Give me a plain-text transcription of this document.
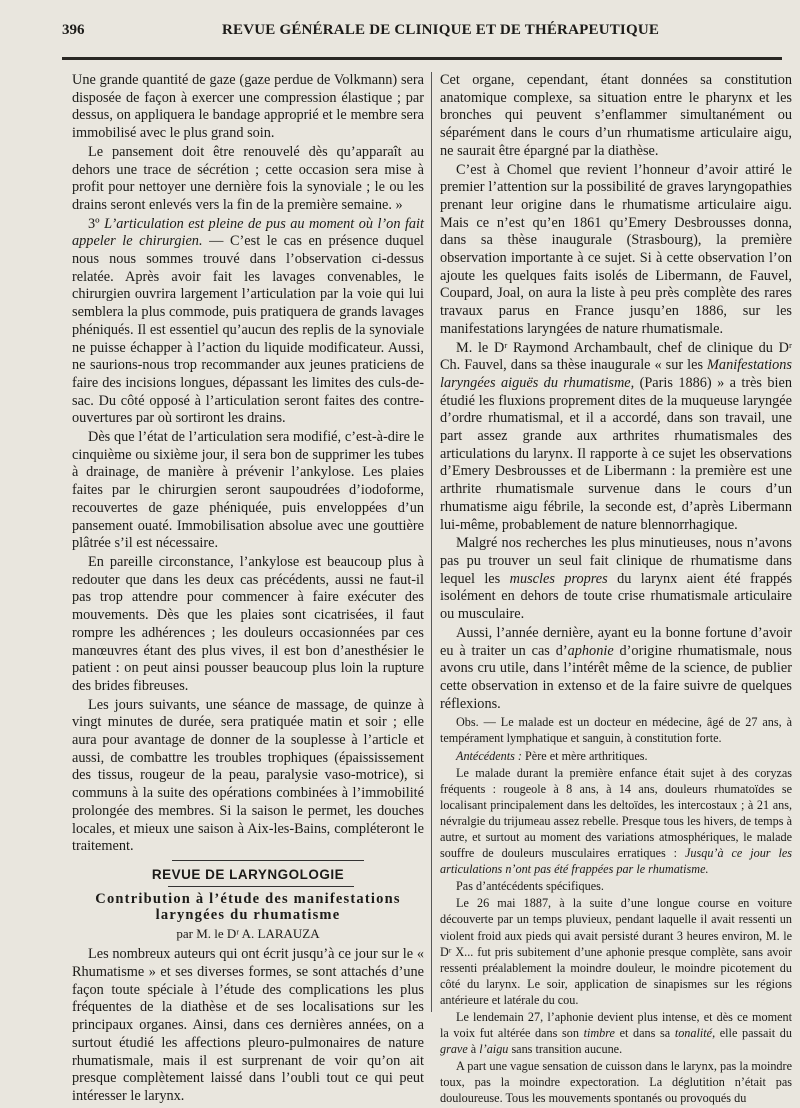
396	REVUE GÉNÉRALE DE CLINIQUE ET DE THÉRAPEUTIQUE

Une grande quantité de gaze (gaze perdue de Volkmann) sera disposée de façon à exercer une compression élastique ; par dessus, on appliquera le bandage approprié et le membre sera immobilisé avec le plus grand soin.

Le pansement doit être renouvelé dès qu’apparaît au dehors une trace de sécrétion ; cette occasion sera mise à profit pour nettoyer une dernière fois la synoviale ; le ou les drains seront enlevés vers la fin de la première semaine. »

3º L’articulation est pleine de pus au moment où l’on fait appeler le chirurgien. — C’est le cas en présence duquel nous nous sommes trouvé dans l’observation ci-dessus relatée. Après avoir fait les lavages convenables, le chirurgien ouvrira largement l’articulation par la voie qui lui semblera la plus commode, puis pratiquera de grands lavages phéniqués. Il est essentiel qu’aucun des replis de la synoviale ne puisse échapper à l’action du liquide modificateur. Aussi, ne saurions-nous trop recommander aux jeunes praticiens de faire des incisions longues, dépassant les limites des culs-de-sac. Du côté opposé à l’articulation seront faites des contre-ouvertures par où sortiront les drains.

Dès que l’état de l’articulation sera modifié, c’est-à-dire le cinquième ou sixième jour, il sera bon de supprimer les tubes à drainage, de manière à prévenir l’ankylose. Les plaies faites par le chirurgien seront saupoudrées d’iodoforme, recouvertes de gaze phéniquée, puis enveloppées d’un pansement ouaté. Immobilisation absolue avec une gouttière plâtrée s’il est nécessaire.

En pareille circonstance, l’ankylose est beaucoup plus à redouter que dans les deux cas précédents, aussi ne faut-il pas trop attendre pour commencer à faire exécuter des mouvements. Dès que les plaies sont cicatrisées, il faut rompre les adhérences ; les douleurs occasionnées par ces manœuvres étant des plus vives, il est bon d’anesthésier le patient : on peut ainsi pousser beaucoup plus loin la rupture des brides fibreuses.

Les jours suivants, une séance de massage, de quinze à vingt minutes de durée, sera pratiquée matin et soir ; elle aura pour avantage de donner de la souplesse à l’article et aussi, de combattre les troubles trophiques (épaississement des tissus, rougeur de la peau, paralysie vaso-motrice), si communs à la suite des opérations combinées à l’immobilité prolongée des membres. Si la saison le permet, les douches locales, et mieux une saison à Aix-les-Bains, compléteront le traitement.

REVUE DE LARYNGOLOGIE
Contribution à l’étude des manifestations
laryngées du rhumatisme
par M. le Dʳ A. LARAUZA

Les nombreux auteurs qui ont écrit jusqu’à ce jour sur le « Rhumatisme » et ses diverses formes, se sont attachés d’une façon toute spéciale à l’étude des complications les plus fréquentes de la diathèse et de ses localisations sur les principaux organes. Ainsi, dans ces dernières années, on a surtout étudié les affections pleuro-pulmonaires de nature rhumatismale, mais il est surprenant de voir qu’on ait presque complètement laissé dans l’oubli tout ce qui peut intéresser le larynx.

Cet organe, cependant, étant données sa constitution anatomique complexe, sa situation entre le pharynx et les bronches qui peuvent s’enflammer simultanément ou séparément dans le cours d’un rhumatisme articulaire aigu, ne saurait être épargné par la diathèse.

C’est à Chomel que revient l’honneur d’avoir attiré le premier l’attention sur la possibilité de graves laryngopathies prenant leur origine dans le rhumatisme articulaire aigu. Mais ce n’est qu’en 1861 qu’Emery Desbrousses donna, dans sa thèse inaugurale (Strasbourg), la première observation importante à ce sujet. Si à cette observation l’on ajoute les quelques faits isolés de Libermann, de Fauvel, Coupard, Joal, on aura la liste à peu près complète des rares travaux parus en France jusqu’en 1886, sur les manifestations laryngées de nature rhumatismale.

M. le Dʳ Raymond Archambault, chef de clinique du Dʳ Ch. Fauvel, dans sa thèse inaugurale « sur les Manifestations laryngées aiguës du rhumatisme, (Paris 1886) » a très bien étudié les fluxions proprement dites de la muqueuse laryngée d’ordre rhumatismal, et il a accordé, dans son travail, une part assez grande aux arthrites rhumatismales des articulations du larynx. Il rapporte à ce sujet les observations d’Emery Desbrousses et de Libermann : la première est une arthrite rhumatismale survenue dans le cours d’un rhumatisme aigu fébrile, la seconde est, d’après Libermann lui-même, probablement de nature blennorrhagique.

Malgré nos recherches les plus minutieuses, nous n’avons pas pu trouver un seul fait clinique de rhumatisme dans lequel les muscles propres du larynx aient été frappés isolément en dehors de toute crise rhumatismale articulaire ou musculaire.

Aussi, l’année dernière, ayant eu la bonne fortune d’avoir eu à traiter un cas d’aphonie d’origine rhumatismale, nous avons cru utile, dans l’intérêt même de la science, de publier cette observation in extenso et de la faire suivre de quelques réflexions.

Obs. — Le malade est un docteur en médecine, âgé de 27 ans, à tempérament lymphatique et sanguin, à constitution forte.

Antécédents : Père et mère arthritiques.

Le malade durant la première enfance était sujet à des coryzas fréquents : rougeole à 8 ans, à 14 ans, douleurs rhumatoïdes se localisant principalement dans les deltoïdes, les intercostaux ; à 21 ans, névralgie du trijumeau assez rebelle. Presque tous les hivers, de temps à autre, et surtout au moment des variations atmosphériques, le malade souffre de douleurs musculaires erratiques : Jusqu’à ce jour les articulations n’ont pas été frappées par le rhumatisme.

Pas d’antécédents spécifiques.

Le 26 mai 1887, à la suite d’une longue course en voiture découverte par un temps pluvieux, pendant laquelle il avait ressenti un violent froid aux pieds qui avait persisté durant 3 heures environ, M. le Dʳ X... fut pris subitement d’une aphonie presque complète, sans avoir ressenti préalablement la moindre douleur, le moindre picotement du côté du larynx. Le soir, application de sinapismes sur les régions antérieure et latérale du cou.

Le lendemain 27, l’aphonie devient plus intense, et dès ce moment la voix fut altérée dans son timbre et dans sa tonalité, elle passait du grave à l’aigu sans transition aucune.

A part une vague sensation de cuisson dans le larynx, pas la moindre toux, pas la moindre expectoration. La déglutition n’était pas douloureuse. Tous les mouvements spontanés ou provoqués du
